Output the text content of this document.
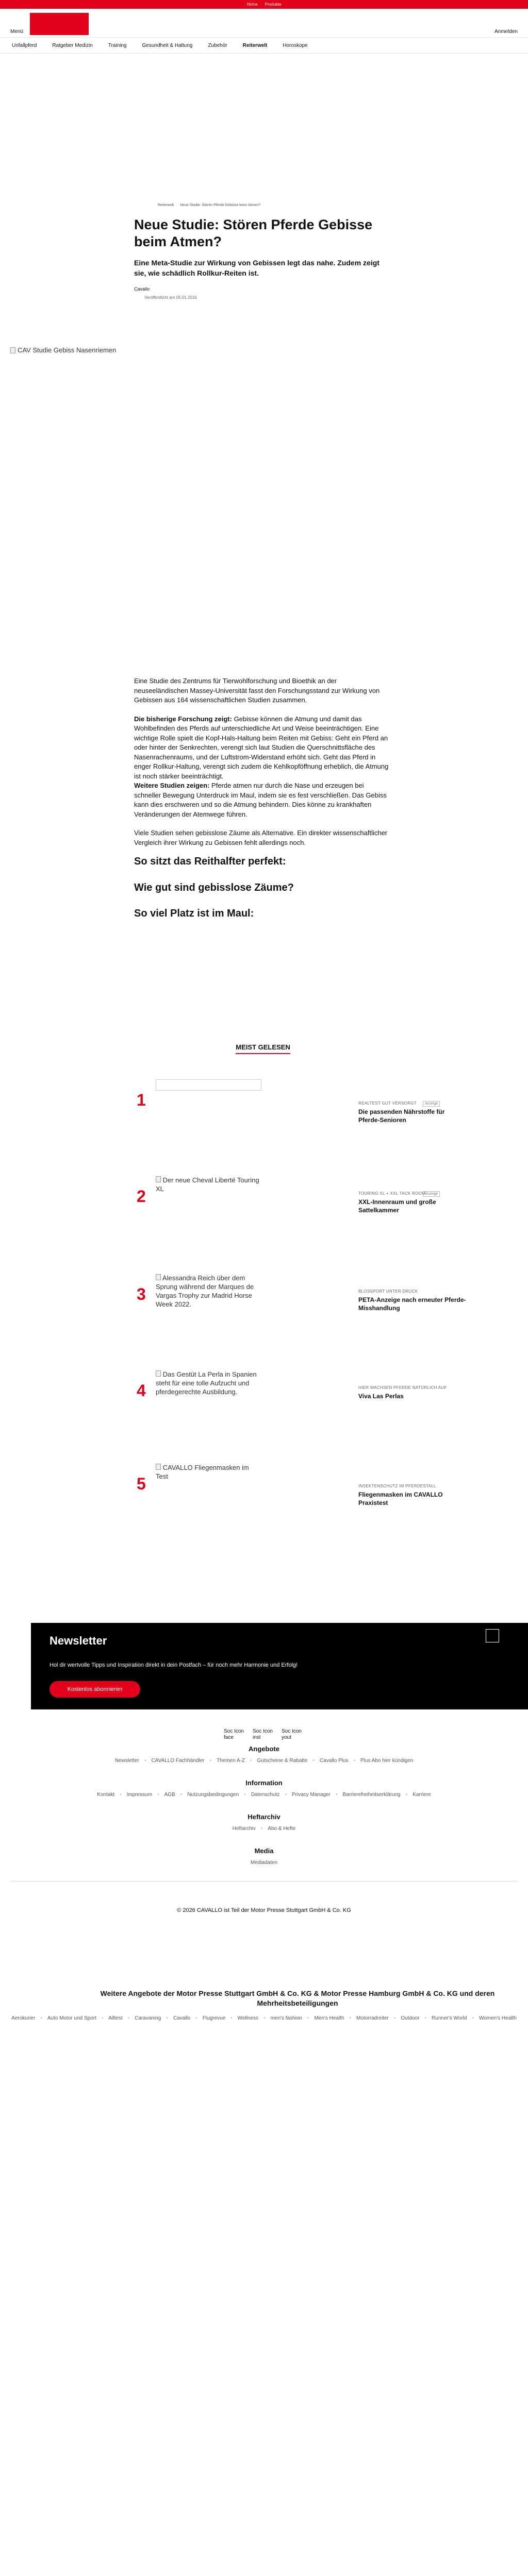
Home Produkte
Menü	Anmelden
Unfallpferd	Ratgeber Medizin	Training	Gesundheit & Haltung	Zubehör	Reiterwelt	Horoskope
Reiterwelt Neue Studie: Stören Pferde Gebisse beim Atmen?
Neue Studie: Stören Pferde Gebisse beim Atmen?

Eine Meta-Studie zur Wirkung von Gebissen legt das nahe. Zudem zeigt sie, wie schädlich Rollkur-Reiten ist.

Cavallo
Veröffentlicht am 05.01.2016
CAV Studie Gebiss Nasenriemen

Eine Studie des Zentrums für Tierwohlforschung und Bioethik an der neuseeländischen Massey-Universität fasst den Forschungsstand zur Wirkung von Gebissen aus 164 wissenschaftlichen Studien zusammen.

Die bisherige Forschung zeigt: Gebisse können die Atmung und damit das Wohlbefinden des Pferds auf unterschiedliche Art und Weise beeinträchtigen. Eine wichtige Rolle spielt die Kopf-Hals-Haltung beim Reiten mit Gebiss: Geht ein Pferd an oder hinter der Senkrechten, verengt sich laut Studien die Querschnittsfläche des Nasenrachenraums, und der Luftstrom-Widerstand erhöht sich. Geht das Pferd in enger Rollkur-Haltung, verengt sich zudem die Kehlkopföffnung erheblich, die Atmung ist noch stärker beeinträchtigt.

Weitere Studien zeigen: Pferde atmen nur durch die Nase und erzeugen bei schneller Bewegung Unterdruck im Maul, indem sie es fest verschließen. Das Gebiss kann dies erschweren und so die Atmung behindern. Dies könne zu krankhaften Veränderungen der Atemwege führen.

Viele Studien sehen gebisslose Zäume als Alternative. Ein direkter wissenschaftlicher Vergleich ihrer Wirkung zu Gebissen fehlt allerdings noch.

So sitzt das Reithalfter perfekt:
Wie gut sind gebisslose Zäume?
So viel Platz ist im Maul:
MEIST GELESEN
1	REALTEST GUT VERSORGT	Anzeige
Die passenden Nährstoffe für Pferde-Senioren
Der neue Cheval Liberté Touring XL
2	TOURING XL + XXL TACK ROOM
Anzeige
XXL-Innenraum und große Sattelkammer
Alessandra Reich über dem Sprung während der Marques de Vargas Trophy zur Madrid Horse Week 2022.
3	BLOSSPORT UNTER DRUCK
PETA-Anzeige nach erneuter Pferde-Misshandlung
Das Gestüt La Perla in Spanien steht für eine tolle Aufzucht und pferdegerechte Ausbildung.
4	HIER WACHSEN PFERDE NATÜRLICH AUF
Viva Las Perlas
CAVALLO Fliegenmasken im Test
5	INSEKTENSCHUTZ IM PFERDESTALL
Fliegenmasken im CAVALLO Praxistest
Newsletter
Hol dir wertvolle Tipps und Inspiration direkt in dein Postfach – für noch mehr Harmonie und Erfolg!
Kostenlos abonnieren
Soc Icon face
Soc Icon inst
Soc Icon yout
Angebote
Newsletter • CAVALLO Fachhändler • Themen A-Z • Gutscheine & Rabatte • Cavallo Plus • Plus Abo hier kündigen
Information
Kontakt • Impressum • AGB • Nutzungsbedingungen • Datenschutz • Privacy Manager • Barrierefreiheitserklärung • Karriere
Heftarchiv
Heftarchiv • Abo & Hefte
Media
Mediadaten
© 2026 CAVALLO ist Teil der Motor Presse Stuttgart GmbH & Co. KG
Weitere Angebote der Motor Presse Stuttgart GmbH & Co. KG & Motor Presse Hamburg GmbH & Co. KG und deren Mehrheitsbeteiligungen
Aerokurier • Auto Motor und Sport • Alltest • Caravaning • Cavallo • Flugrevue • Wellness • men's fashion • Men's Health • Motorradreiter • Outdoor • Runner's World • Women's Health
